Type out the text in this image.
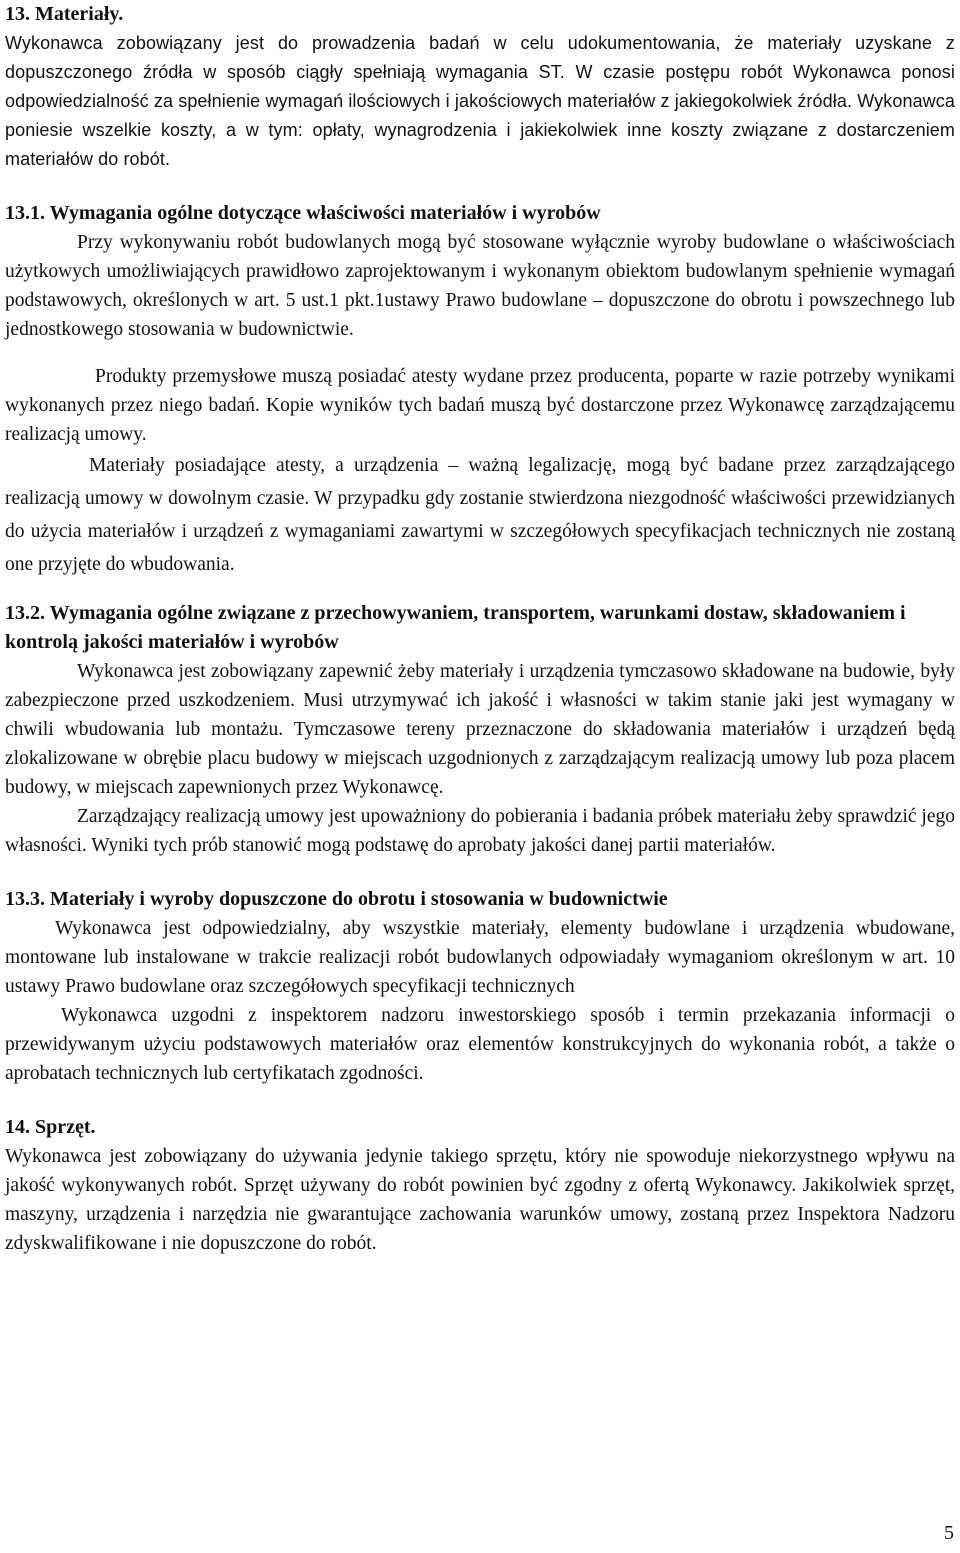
13. Materiały.

Wykonawca zobowiązany jest do prowadzenia badań w celu udokumentowania, że materiały uzyskane z dopuszczonego źródła w sposób ciągły spełniają wymagania ST. W czasie postępu robót Wykonawca ponosi odpowiedzialność za spełnienie wymagań ilościowych i jakościowych materiałów z jakiegokolwiek źródła. Wykonawca poniesie wszelkie koszty, a w tym: opłaty, wynagrodzenia i jakiekolwiek inne koszty związane z dostarczeniem materiałów do robót.

13.1. Wymagania ogólne dotyczące właściwości materiałów i wyrobów

Przy wykonywaniu robót budowlanych mogą być stosowane wyłącznie wyroby budowlane o właściwościach użytkowych umożliwiających prawidłowo zaprojektowanym i wykonanym obiektom budowlanym spełnienie wymagań podstawowych, określonych w art. 5 ust.1 pkt.1ustawy Prawo budowlane – dopuszczone do obrotu i powszechnego lub jednostkowego stosowania w budownictwie.

Produkty przemysłowe muszą posiadać atesty wydane przez producenta, poparte w razie potrzeby wynikami wykonanych przez niego badań. Kopie wyników tych badań muszą być dostarczone przez Wykonawcę zarządzającemu realizacją umowy.

Materiały posiadające atesty, a urządzenia – ważną legalizację, mogą być badane przez zarządzającego realizacją umowy w dowolnym czasie. W przypadku gdy zostanie stwierdzona niezgodność właściwości przewidzianych do użycia materiałów i urządzeń z wymaganiami zawartymi w szczegółowych specyfikacjach technicznych nie zostaną one przyjęte do wbudowania.

13.2. Wymagania ogólne związane z przechowywaniem, transportem, warunkami dostaw, składowaniem i kontrolą jakości materiałów i wyrobów

Wykonawca jest zobowiązany zapewnić żeby materiały i urządzenia tymczasowo składowane na budowie, były zabezpieczone przed uszkodzeniem. Musi utrzymywać ich jakość i własności w takim stanie jaki jest wymagany w chwili wbudowania lub montażu. Tymczasowe tereny przeznaczone do składowania materiałów i urządzeń będą zlokalizowane w obrębie placu budowy w miejscach uzgodnionych z zarządzającym realizacją umowy lub poza placem budowy, w miejscach zapewnionych przez Wykonawcę.

Zarządzający realizacją umowy jest upoważniony do pobierania i badania próbek materiału żeby sprawdzić jego własności. Wyniki tych prób stanowić mogą podstawę do aprobaty jakości danej partii materiałów.

13.3. Materiały i wyroby dopuszczone do obrotu i stosowania w budownictwie

Wykonawca jest odpowiedzialny, aby wszystkie materiały, elementy budowlane i urządzenia wbudowane, montowane lub instalowane w trakcie realizacji robót budowlanych odpowiadały wymaganiom określonym w art. 10 ustawy Prawo budowlane oraz szczegółowych specyfikacji technicznych

Wykonawca uzgodni z inspektorem nadzoru inwestorskiego sposób i termin przekazania informacji o przewidywanym użyciu podstawowych materiałów oraz elementów konstrukcyjnych do wykonania robót, a także o aprobatach technicznych lub certyfikatach zgodności.

14. Sprzęt.

Wykonawca jest zobowiązany do używania jedynie takiego sprzętu, który nie spowoduje niekorzystnego wpływu na jakość wykonywanych robót. Sprzęt używany do robót powinien być zgodny z ofertą Wykonawcy. Jakikolwiek sprzęt, maszyny, urządzenia i narzędzia nie gwarantujące zachowania warunków umowy, zostaną przez Inspektora Nadzoru zdyskwalifikowane i nie dopuszczone do robót.

5
